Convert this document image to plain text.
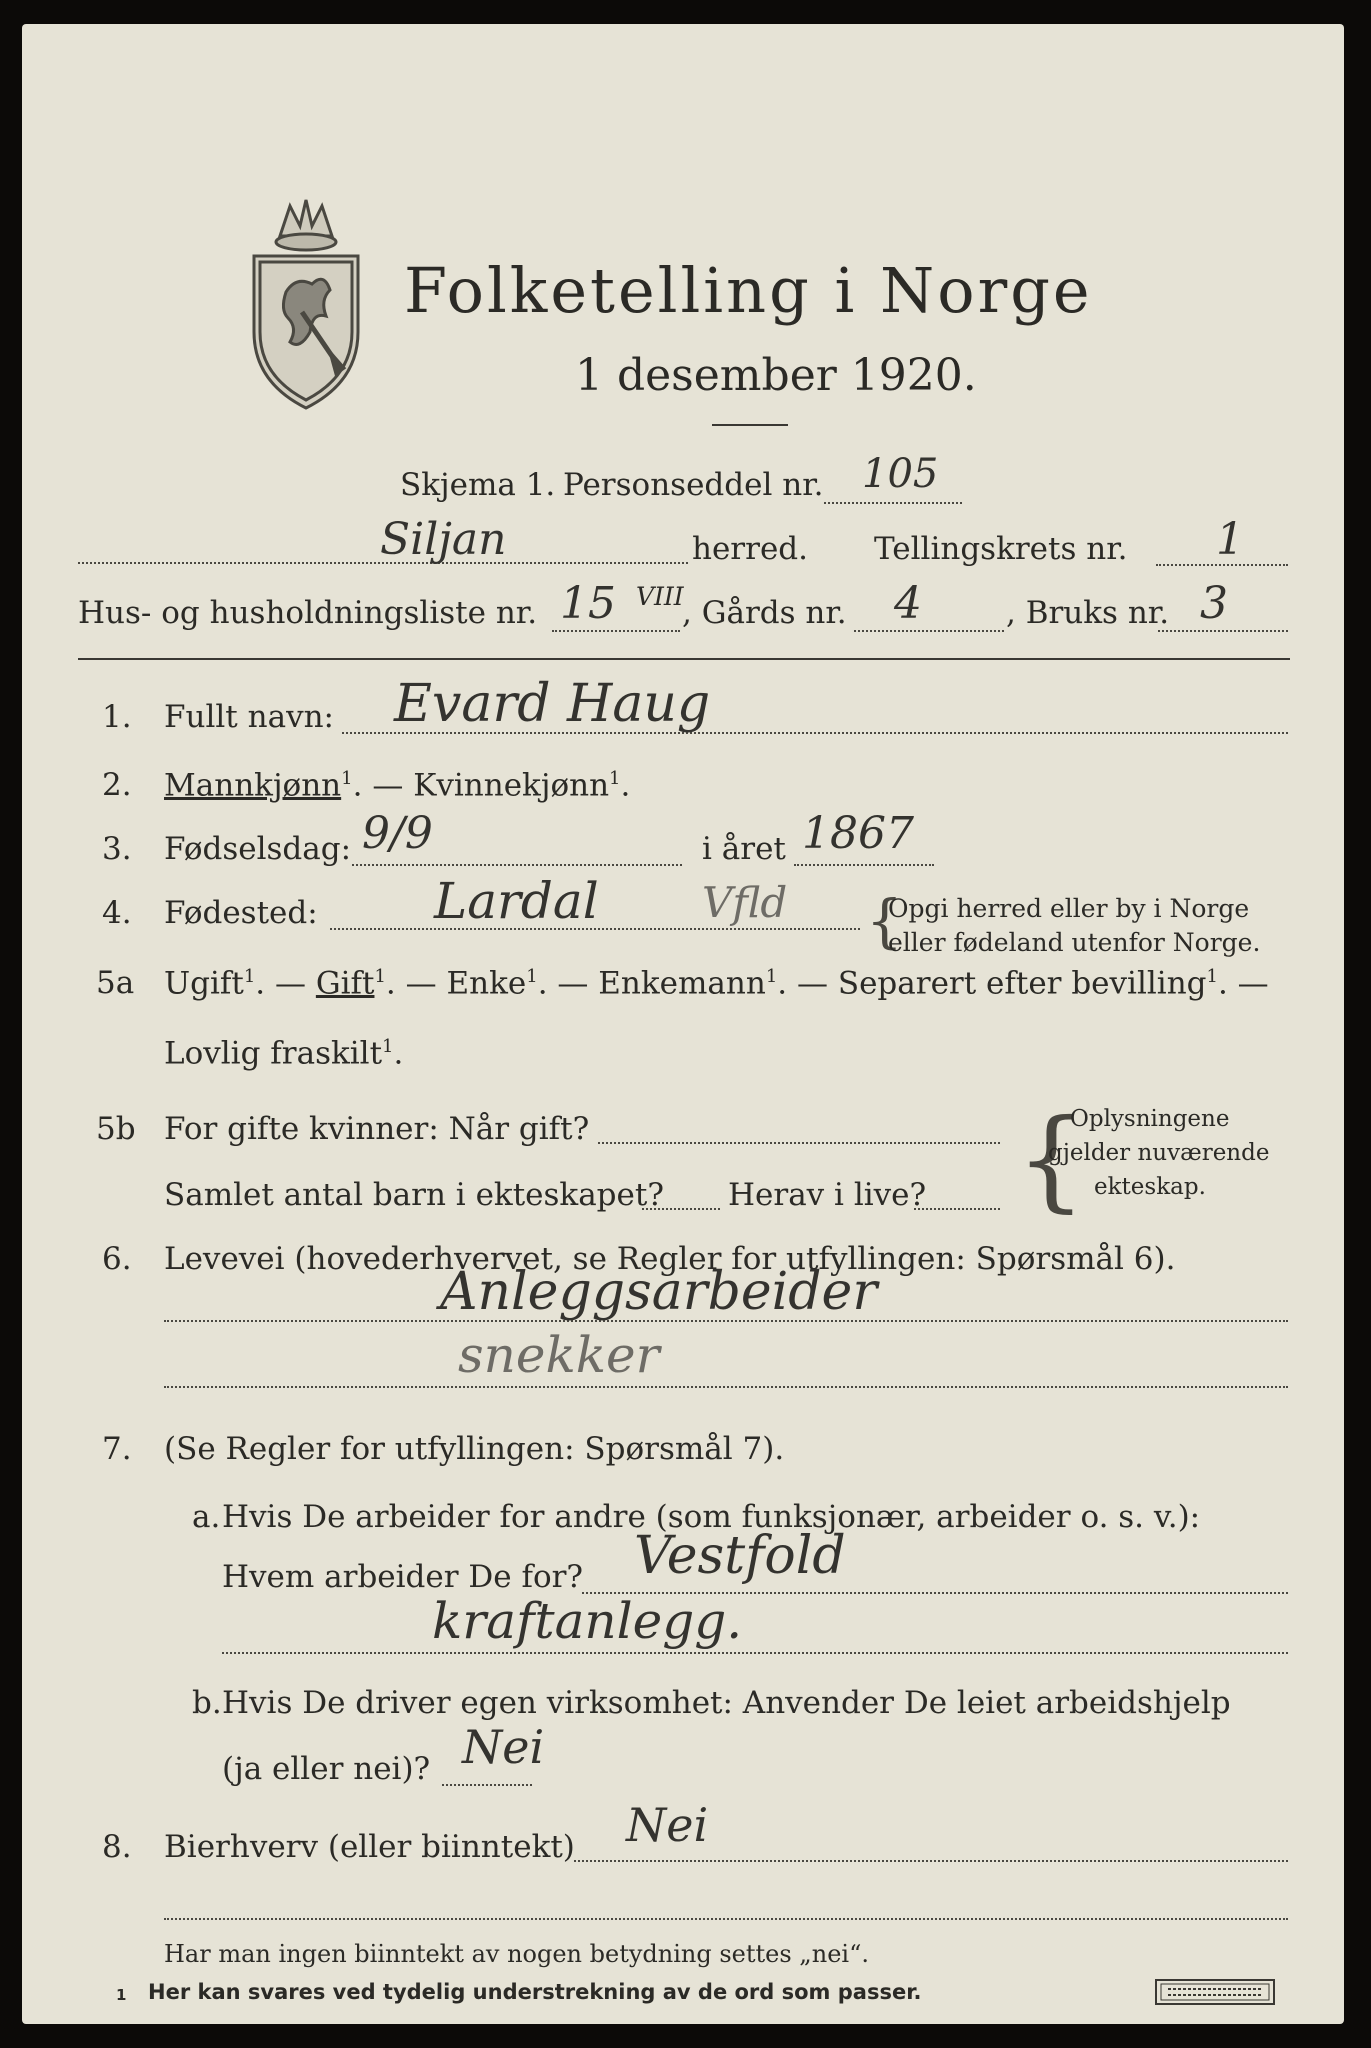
Folketelling i Norge
1 desember 1920.
Skjema 1. Personseddel nr. 105
Siljan	herred. Tellingskrets nr. 1
Hus- og husholdningsliste nr. 15 VIII
, Gårds nr. 4	, Bruks nr. 3
1. Fullt navn: Evard Haug
2. Mannkjønn$^1$. — Kvinnekjønn$^1$.
3. Fødselsdag: 9/9	i året 1867
4. Fødested: Lardal Vfld {
Opgi herred eller by i Norge
eller fødeland utenfor Norge.
5a Ugift$^1$. — Gift$^1$. — Enke$^1$. — Enkemann$^1$. — Separert efter bevilling$^1$. —
Lovlig fraskilt$^1$.
5b For gifte kvinner: Når gift?
Samlet antal barn i ekteskapet? Herav i live? {
Oplysningene
gjelder nuværende
ekteskap.
6. Levevei (hovederhvervet, se Regler for utfyllingen: Spørsmål 6).
Anleggsarbeider
snekker
7. (Se Regler for utfyllingen: Spørsmål 7).
a. Hvis De arbeider for andre (som funksjonær, arbeider o. s. v.):
Hvem arbeider De for? Vestfold
kraftanlegg.
b. Hvis De driver egen virksomhet: Anvender De leiet arbeidshjelp
(ja eller nei)? Nei
8. Bierhverv (eller biinntekt) Nei
Har man ingen biinntekt av nogen betydning settes „nei“.
1 Her kan svares ved tydelig understrekning av de ord som passer.
